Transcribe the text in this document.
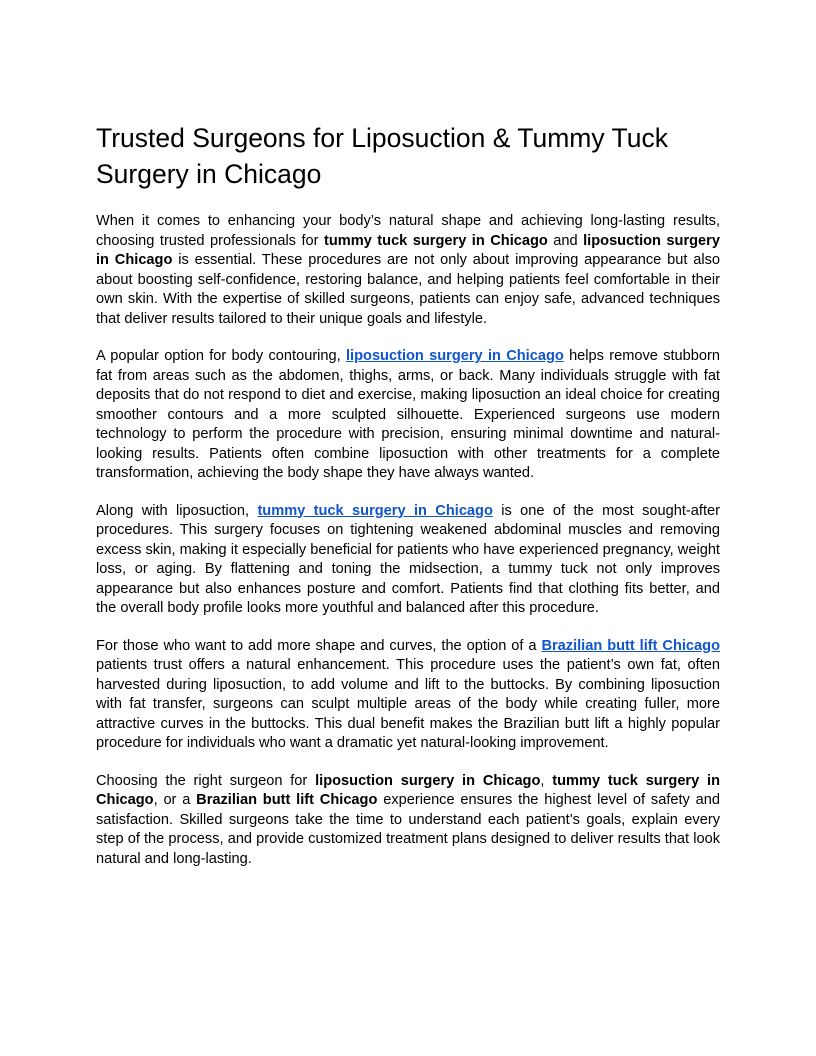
Trusted Surgeons for Liposuction & Tummy Tuck Surgery in Chicago

When it comes to enhancing your body’s natural shape and achieving long-lasting results, choosing trusted professionals for tummy tuck surgery in Chicago and liposuction surgery in Chicago is essential. These procedures are not only about improving appearance but also about boosting self-confidence, restoring balance, and helping patients feel comfortable in their own skin. With the expertise of skilled surgeons, patients can enjoy safe, advanced techniques that deliver results tailored to their unique goals and lifestyle.

A popular option for body contouring, liposuction surgery in Chicago helps remove stubborn fat from areas such as the abdomen, thighs, arms, or back. Many individuals struggle with fat deposits that do not respond to diet and exercise, making liposuction an ideal choice for creating smoother contours and a more sculpted silhouette. Experienced surgeons use modern technology to perform the procedure with precision, ensuring minimal downtime and natural-looking results. Patients often combine liposuction with other treatments for a complete transformation, achieving the body shape they have always wanted.

Along with liposuction, tummy tuck surgery in Chicago is one of the most sought-after procedures. This surgery focuses on tightening weakened abdominal muscles and removing excess skin, making it especially beneficial for patients who have experienced pregnancy, weight loss, or aging. By flattening and toning the midsection, a tummy tuck not only improves appearance but also enhances posture and comfort. Patients find that clothing fits better, and the overall body profile looks more youthful and balanced after this procedure.

For those who want to add more shape and curves, the option of a Brazilian butt lift Chicago patients trust offers a natural enhancement. This procedure uses the patient’s own fat, often harvested during liposuction, to add volume and lift to the buttocks. By combining liposuction with fat transfer, surgeons can sculpt multiple areas of the body while creating fuller, more attractive curves in the buttocks. This dual benefit makes the Brazilian butt lift a highly popular procedure for individuals who want a dramatic yet natural-looking improvement.

Choosing the right surgeon for liposuction surgery in Chicago, tummy tuck surgery in Chicago, or a Brazilian butt lift Chicago experience ensures the highest level of safety and satisfaction. Skilled surgeons take the time to understand each patient’s goals, explain every step of the process, and provide customized treatment plans designed to deliver results that look natural and long-lasting.
